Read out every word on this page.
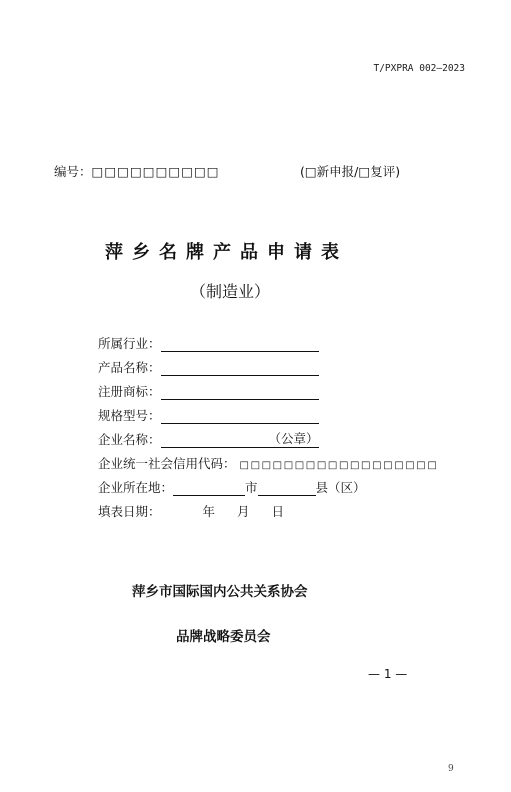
T/PXPRA 002—2023
编号：□□□□□□□□□□	(□新申报/□复评)
萍乡名牌产品申请表
（制造业）
所属行业：
产品名称：
注册商标：
规格型号：
企业名称：	（公章）
企业统一社会信用代码： □□□□□□□□□□□□□□□□□□
企业所在地：	市	县（区）
填表日期：	年 月 日
萍乡市国际国内公共关系协会
品牌战略委员会
— 1 —
9
